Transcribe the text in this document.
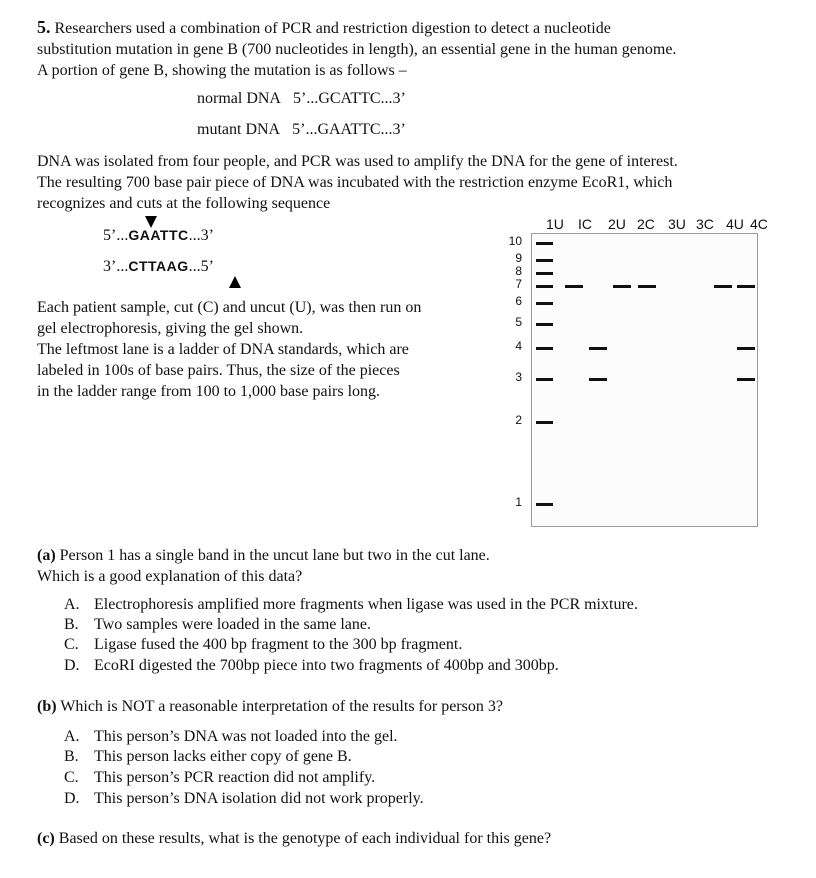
5. Researchers used a combination of PCR and restriction digestion to detect a nucleotide
substitution mutation in gene B (700 nucleotides in length), an essential gene in the human genome.
A portion of gene B, showing the mutation is as follows –
normal DNA 5’...GCATTC...3’
mutant DNA 5’...GAATTC...3’
DNA was isolated from four people, and PCR was used to amplify the DNA for the gene of interest.
The resulting 700 base pair piece of DNA was incubated with the restriction enzyme EcoR1, which
recognizes and cuts at the following sequence
5’...GAATTC...3’
3’...CTTAAG...5’
Each patient sample, cut (C) and uncut (U), was then run on
gel electrophoresis, giving the gel shown.
The leftmost lane is a ladder of DNA standards, which are
labeled in 100s of base pairs. Thus, the size of the pieces
in the ladder range from 100 to 1,000 base pairs long.
1U IC 2U 2C 3U 3C 4U 4C
10
9
8
7
6
5
4
3
2
1
(a) Person 1 has a single band in the uncut lane but two in the cut lane.
Which is a good explanation of this data?
A. Electrophoresis amplified more fragments when ligase was used in the PCR mixture.
B. Two samples were loaded in the same lane.
C. Ligase fused the 400 bp fragment to the 300 bp fragment.
D. EcoRI digested the 700bp piece into two fragments of 400bp and 300bp.
(b) Which is NOT a reasonable interpretation of the results for person 3?
A. This person’s DNA was not loaded into the gel.
B. This person lacks either copy of gene B.
C. This person’s PCR reaction did not amplify.
D. This person’s DNA isolation did not work properly.
(c) Based on these results, what is the genotype of each individual for this gene?
